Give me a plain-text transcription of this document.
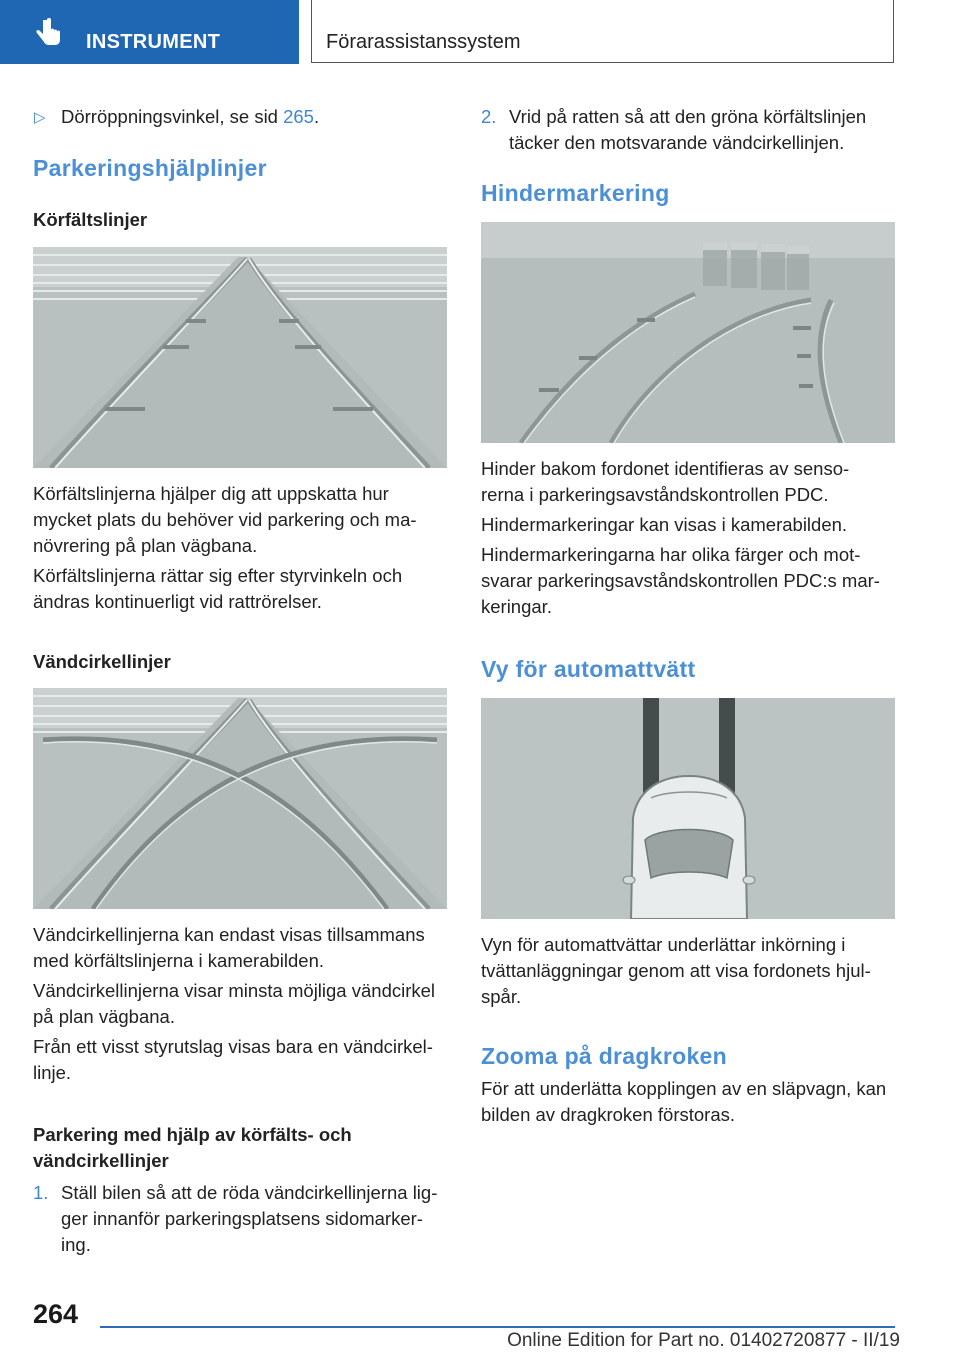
INSTRUMENT	Förarassistanssystem
▷ Dörröppningsvinkel, se sid 265.
Parkeringshjälplinjer
Körfältslinjer
Körfältslinjerna hjälper dig att uppskatta hur
mycket plats du behöver vid parkering och ma‐
növrering på plan vägbana.
Körfältslinjerna rättar sig efter styrvinkeln och
ändras kontinuerligt vid rattrörelser.
Vändcirkellinjer
Vändcirkellinjerna kan endast visas tillsammans
med körfältslinjerna i kamerabilden.
Vändcirkellinjerna visar minsta möjliga vändcirkel
på plan vägbana.
Från ett visst styrutslag visas bara en vändcirkel‐
linje.
Parkering med hjälp av körfälts- och
vändcirkellinjer
1. Ställ bilen så att de röda vändcirkellinjerna lig‐
ger innanför parkeringsplatsens sidomarker‐
ing.
2. Vrid på ratten så att den gröna körfältslinjen
täcker den motsvarande vändcirkellinjen.
Hindermarkering
Hinder bakom fordonet identifieras av senso‐
rerna i parkeringsavståndskontrollen PDC.
Hindermarkeringar kan visas i kamerabilden.
Hindermarkeringarna har olika färger och mot‐
svarar parkeringsavståndskontrollen PDC:s mar‐
keringar.
Vy för automattvätt
Vyn för automattvättar underlättar inkörning i
tvättanläggningar genom att visa fordonets hjul‐
spår.
Zooma på dragkroken
För att underlätta kopplingen av en släpvagn, kan
bilden av dragkroken förstoras.
264
Online Edition for Part no. 01402720877 - II/19
